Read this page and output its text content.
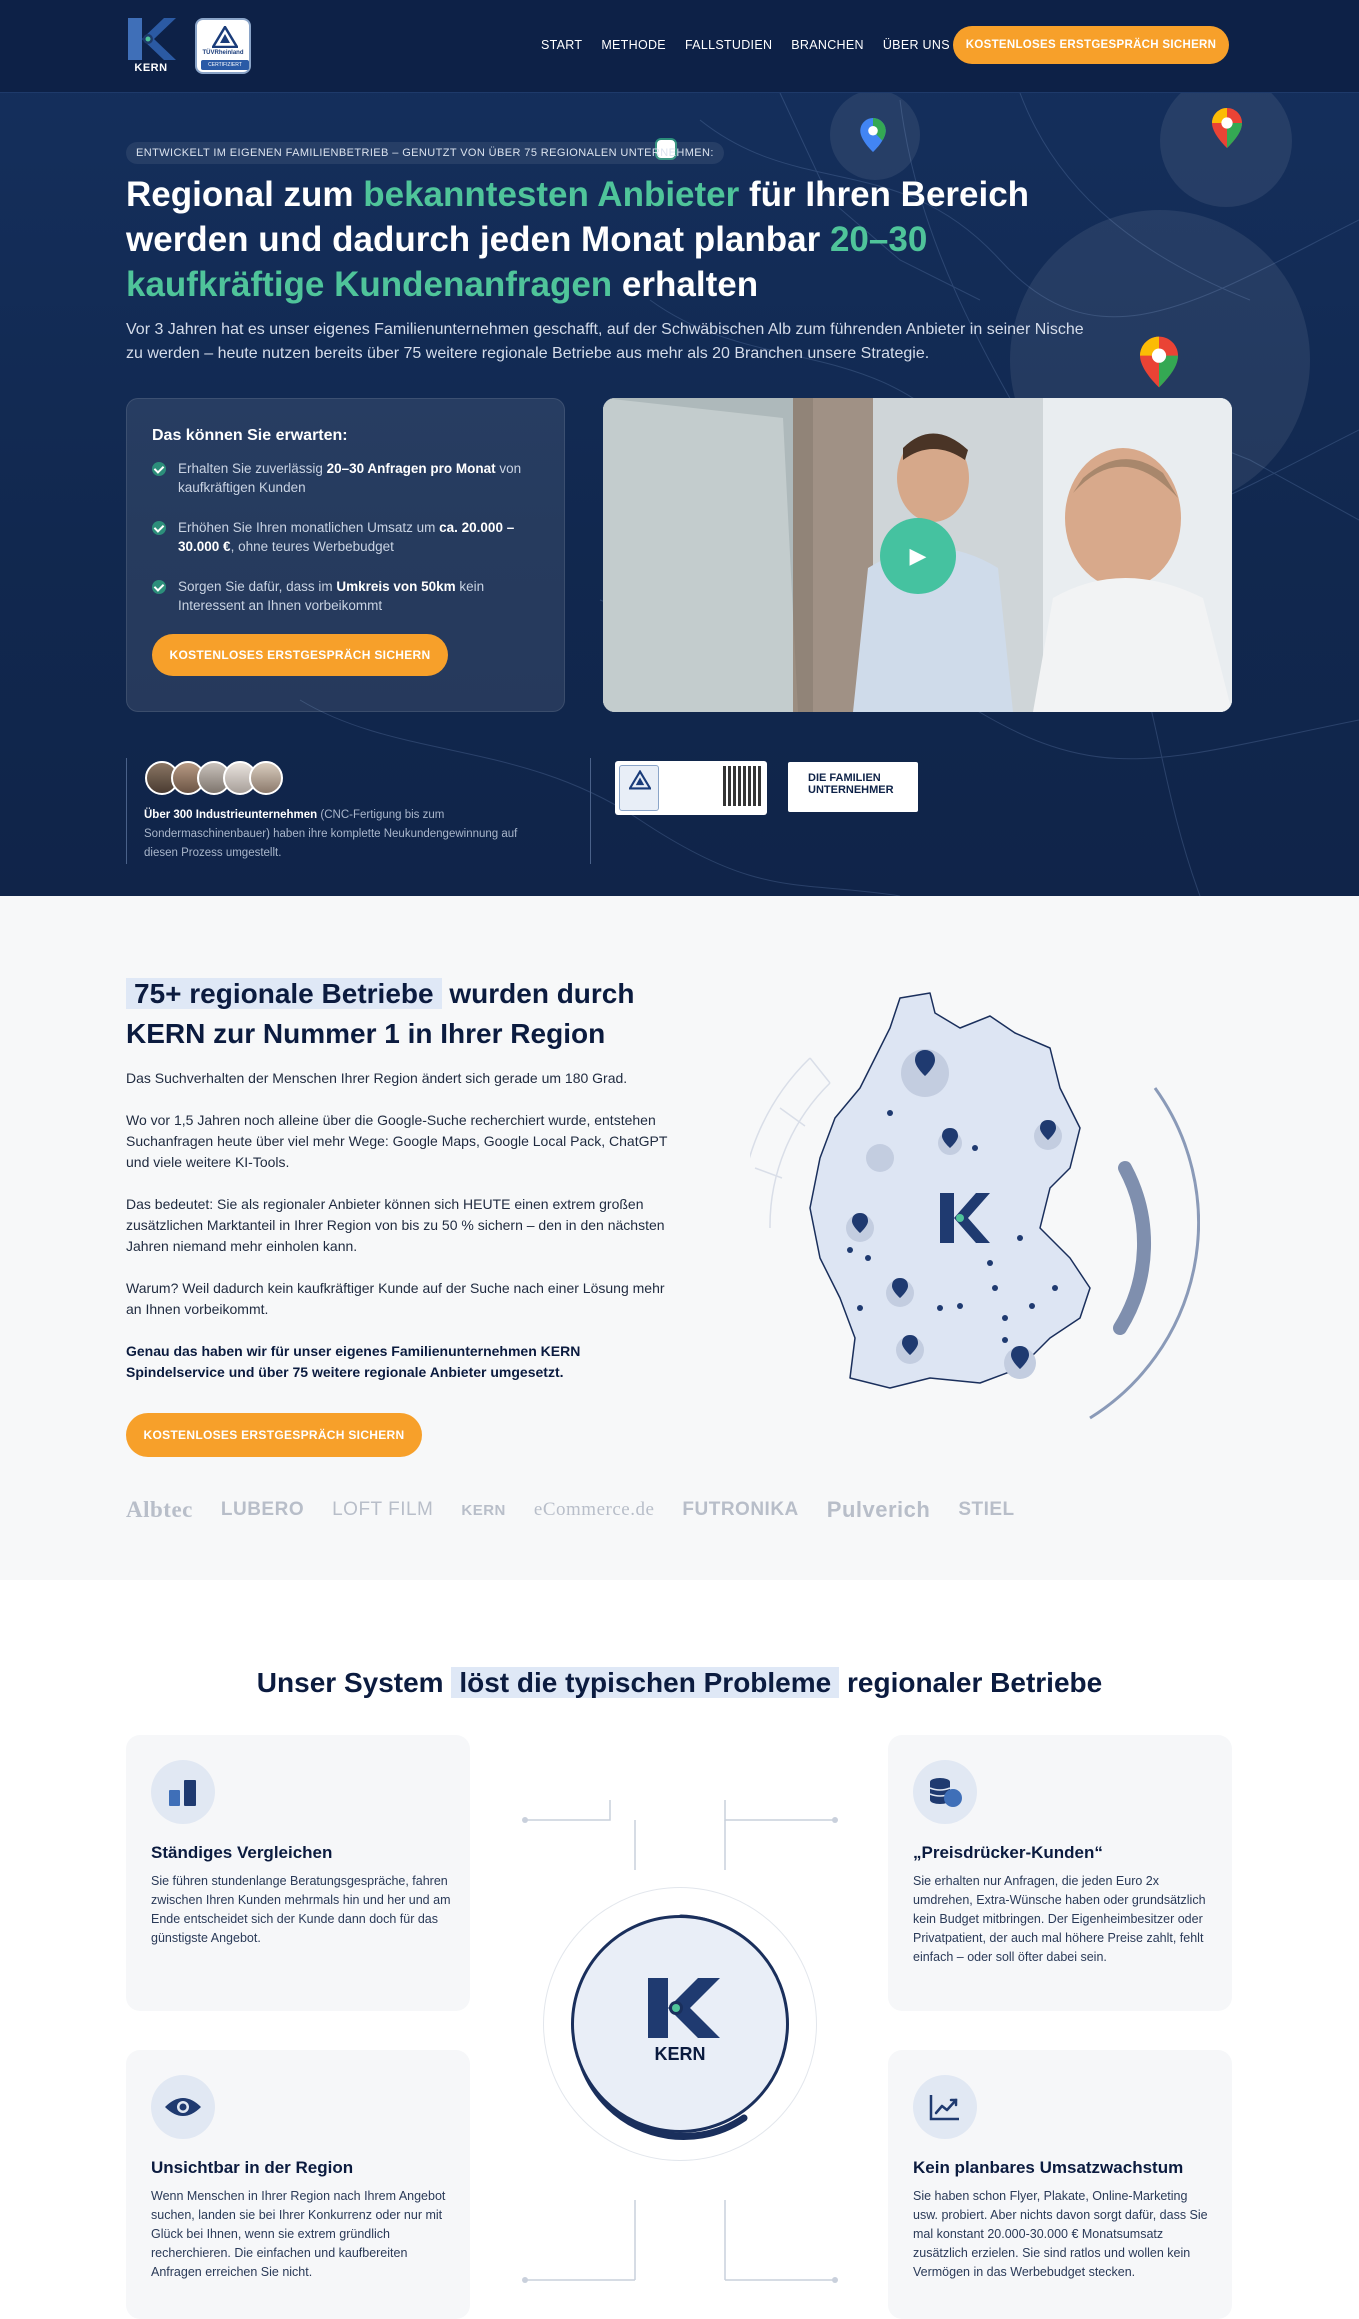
KERN
TÜVRheinland
CERTIFIZIERT
START METHODE FALLSTUDIEN BRANCHEN ÜBER UNS	KOSTENLOSES ERSTGESPRÄCH SICHERN
ENTWICKELT IM EIGENEN FAMILIENBETRIEB – GENUTZT VON ÜBER 75 REGIONALEN UNTERNEHMEN:
Regional zum bekanntesten Anbieter für Ihren Bereich werden und dadurch jeden Monat planbar 20–30 kaufkräftige Kundenanfragen erhalten

Vor 3 Jahren hat es unser eigenes Familienunternehmen geschafft, auf der Schwäbischen Alb zum führenden Anbieter in seiner Nische zu werden – heute nutzen bereits über 75 weitere regionale Betriebe aus mehr als 20 Branchen unsere Strategie.

Das können Sie erwarten:

Erhalten Sie zuverlässig 20–30 Anfragen pro Monat von kaufkräftigen Kunden

Erhöhen Sie Ihren monatlichen Umsatz um ca. 20.000 – 30.000 €, ohne teures Werbebudget

Sorgen Sie dafür, dass im Umkreis von 50km kein Interessent an Ihnen vorbeikommt

KOSTENLOSES ERSTGESPRÄCH SICHERN
▶

Über 300 Industrieunternehmen (CNC-Fertigung bis zum Sondermaschinenbauer) haben ihre komplette Neukundengewinnung auf diesen Prozess umgestellt.

DIE FAMILIEN UNTERNEHMER
75+ regionale Betriebe wurden durch KERN zur Nummer 1 in Ihrer Region

Das Suchverhalten der Menschen Ihrer Region ändert sich gerade um 180 Grad.

Wo vor 1,5 Jahren noch alleine über die Google-Suche recherchiert wurde, entstehen Suchanfragen heute über viel mehr Wege: Google Maps, Google Local Pack, ChatGPT und viele weitere KI-Tools.

Das bedeutet: Sie als regionaler Anbieter können sich HEUTE einen extrem großen zusätzlichen Marktanteil in Ihrer Region von bis zu 50 % sichern – den in den nächsten Jahren niemand mehr einholen kann.

Warum? Weil dadurch kein kaufkräftiger Kunde auf der Suche nach einer Lösung mehr an Ihnen vorbeikommt.

Genau das haben wir für unser eigenes Familienunternehmen KERN Spindelservice und über 75 weitere regionale Anbieter umgesetzt.

KOSTENLOSES ERSTGESPRÄCH SICHERN
Albtec LUBERO LOFT FILM KERN eCommerce.de FUTRONIKA Pulverich STIEL
Unser System löst die typischen Probleme regionaler Betriebe
KERN
Ständiges Vergleichen

Sie führen stundenlange Beratungsgespräche, fahren zwischen Ihren Kunden mehrmals hin und her und am Ende entscheidet sich der Kunde dann doch für das günstigste Angebot.

„Preisdrücker-Kunden“

Sie erhalten nur Anfragen, die jeden Euro 2x umdrehen, Extra-Wünsche haben oder grundsätzlich kein Budget mitbringen. Der Eigenheimbesitzer oder Privatpatient, der auch mal höhere Preise zahlt, fehlt einfach – oder soll öfter dabei sein.

Unsichtbar in der Region

Wenn Menschen in Ihrer Region nach Ihrem Angebot suchen, landen sie bei Ihrer Konkurrenz oder nur mit Glück bei Ihnen, wenn sie extrem gründlich recherchieren. Die einfachen und kaufbereiten Anfragen erreichen Sie nicht.

Kein planbares Umsatzwachstum

Sie haben schon Flyer, Plakate, Online-Marketing usw. probiert. Aber nichts davon sorgt dafür, dass Sie mal konstant 20.000-30.000 € Monatsumsatz zusätzlich erzielen. Sie sind ratlos und wollen kein Vermögen in das Werbebudget stecken.
